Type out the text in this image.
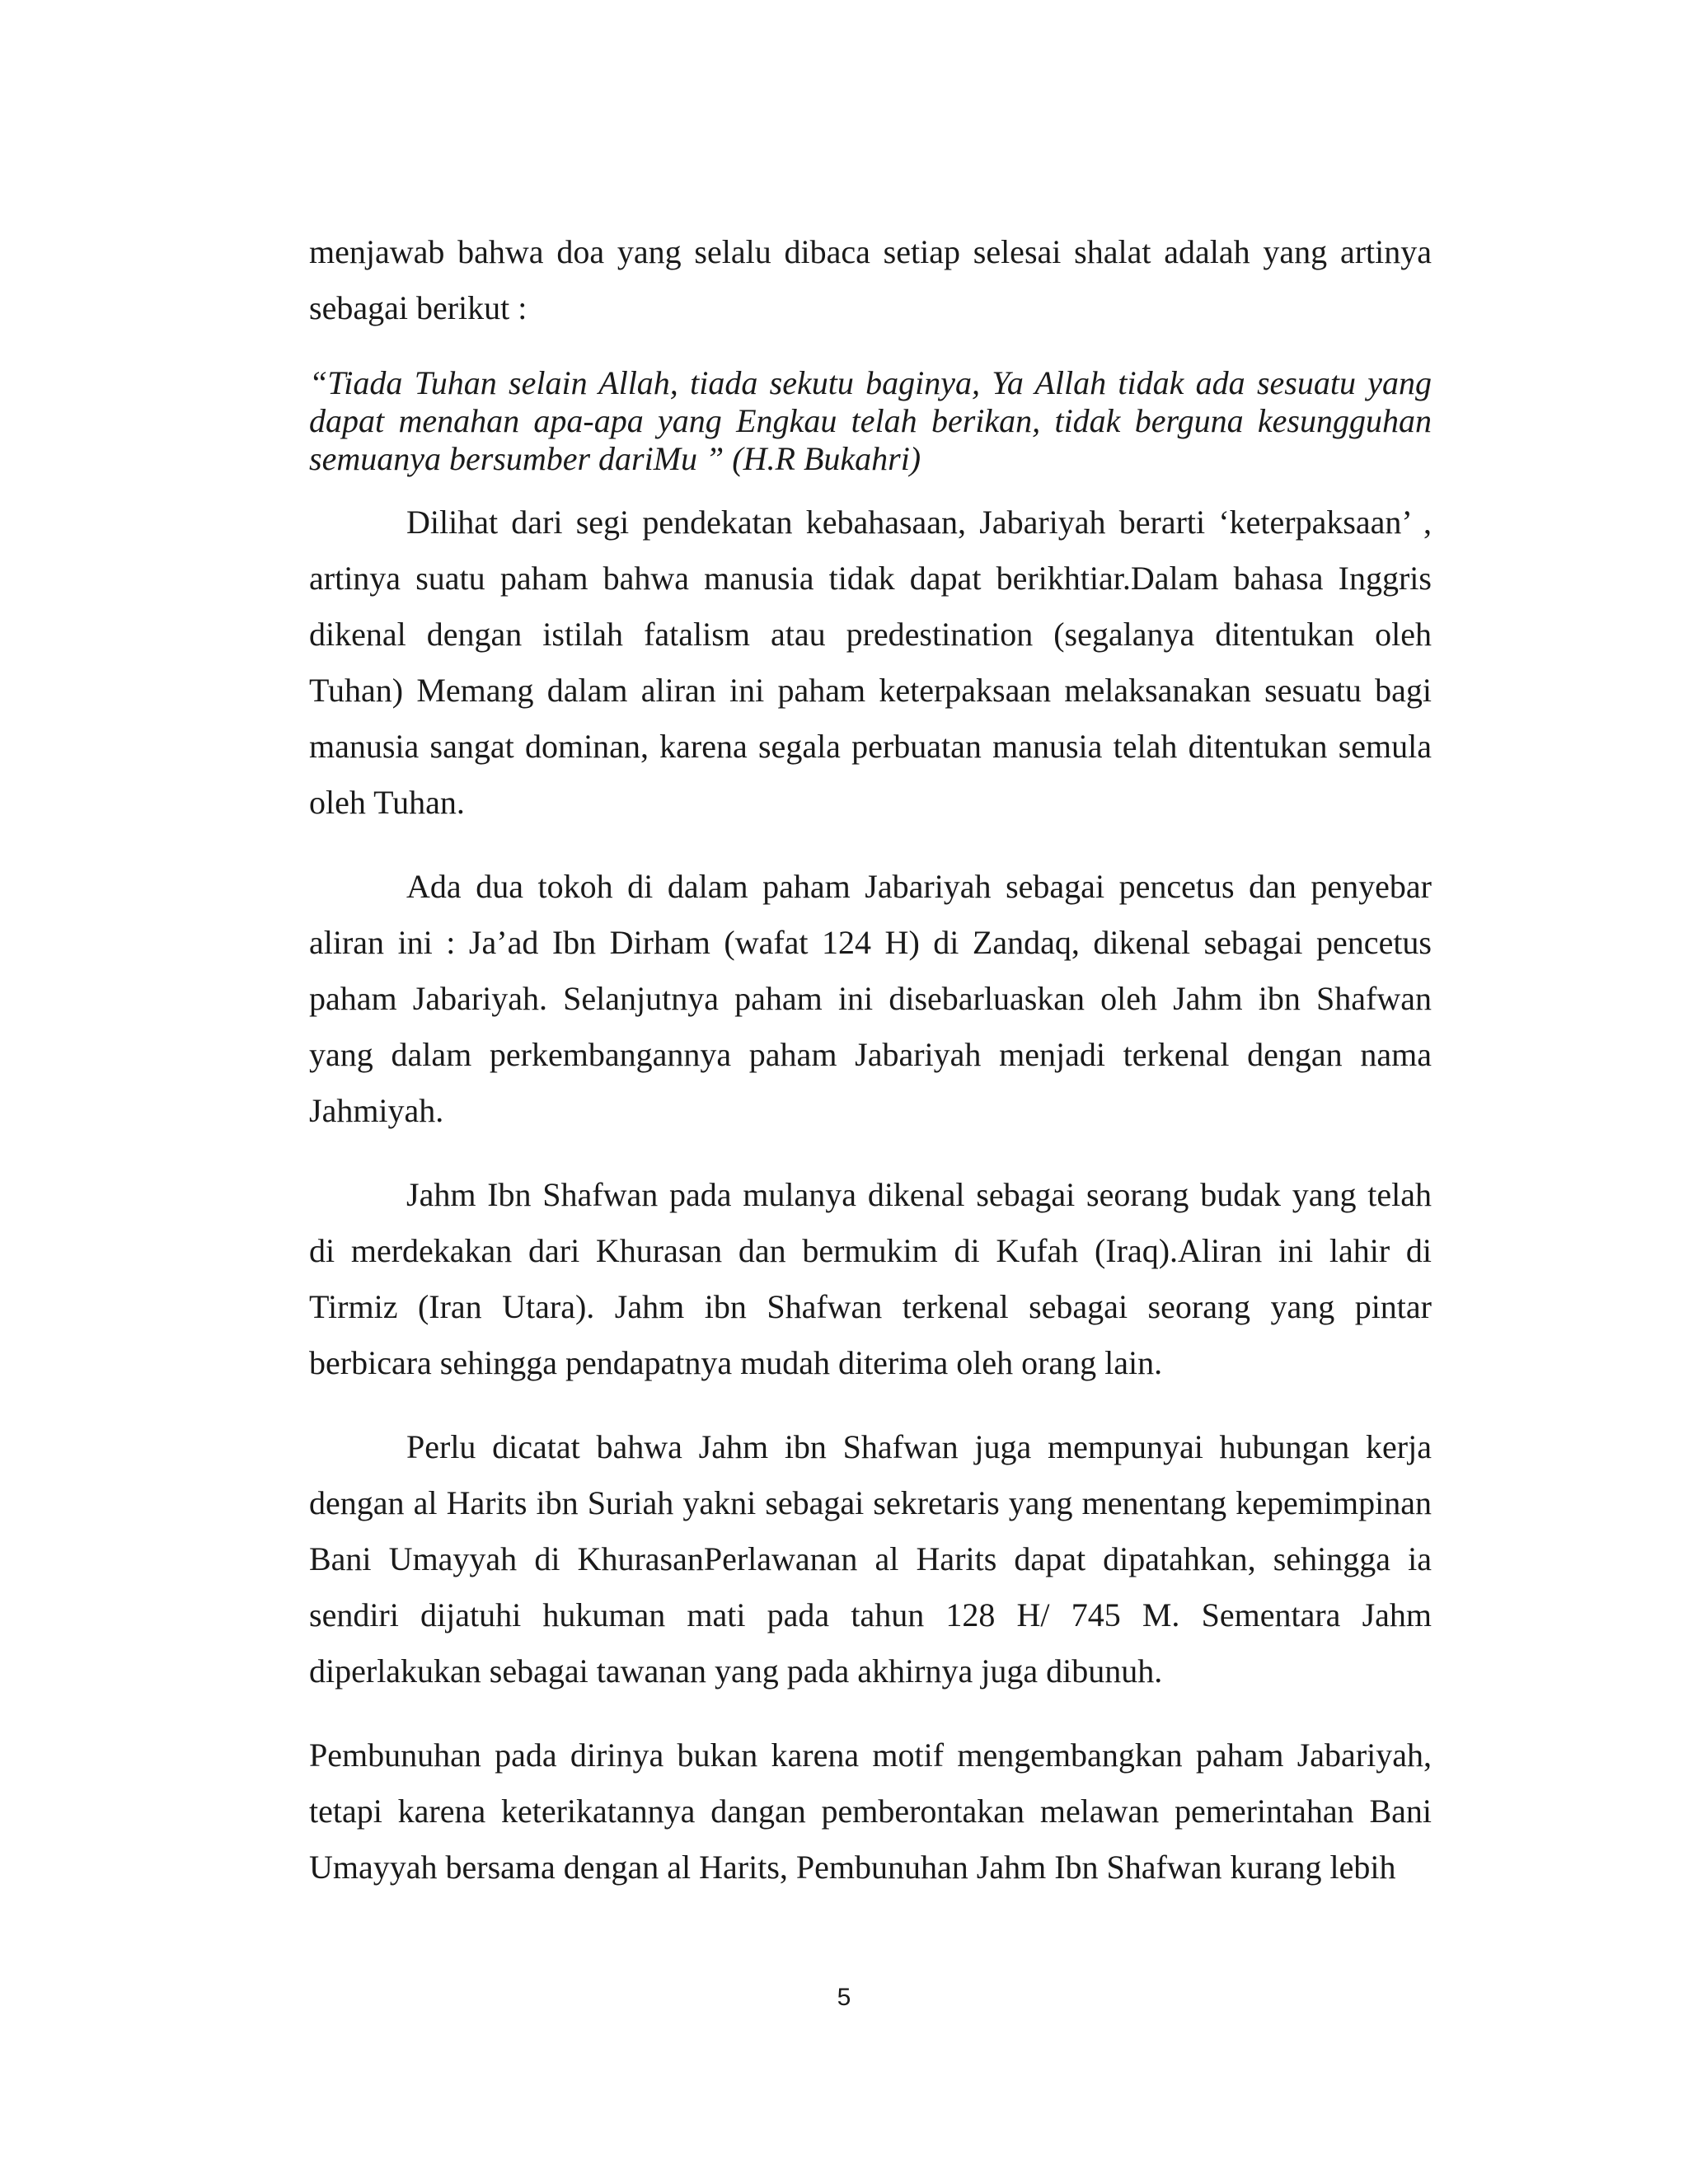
menjawab bahwa doa yang selalu dibaca setiap selesai shalat adalah yang artinya sebagai berikut :

“Tiada Tuhan selain Allah, tiada sekutu baginya, Ya Allah tidak ada sesuatu yang dapat menahan apa-apa yang Engkau telah berikan, tidak berguna kesungguhan semuanya bersumber dariMu ” (H.R Bukahri)

Dilihat dari segi pendekatan kebahasaan, Jabariyah berarti ‘keterpaksaan’ , artinya suatu paham bahwa manusia tidak dapat berikhtiar.Dalam bahasa Inggris dikenal dengan istilah fatalism atau predestination (segalanya ditentukan oleh Tuhan) Memang dalam aliran ini paham keterpaksaan melaksanakan sesuatu bagi manusia sangat dominan, karena segala perbuatan manusia telah ditentukan semula oleh Tuhan.

Ada dua tokoh di dalam paham Jabariyah sebagai pencetus dan penyebar aliran ini : Ja’ad Ibn Dirham (wafat 124 H) di Zandaq, dikenal sebagai pencetus paham Jabariyah. Selanjutnya paham ini disebarluaskan oleh Jahm ibn Shafwan yang dalam perkembangannya paham Jabariyah menjadi terkenal dengan nama Jahmiyah.

Jahm Ibn Shafwan pada mulanya dikenal sebagai seorang budak yang telah di merdekakan dari Khurasan dan bermukim di Kufah (Iraq).Aliran ini lahir di Tirmiz (Iran Utara). Jahm ibn Shafwan terkenal sebagai seorang yang pintar berbicara sehingga pendapatnya mudah diterima oleh orang lain.

Perlu dicatat bahwa Jahm ibn Shafwan juga mempunyai hubungan kerja dengan al Harits ibn Suriah yakni sebagai sekretaris yang menentang kepemimpinan Bani Umayyah di KhurasanPerlawanan al Harits dapat dipatahkan, sehingga ia sendiri dijatuhi hukuman mati pada tahun 128 H/ 745 M. Sementara Jahm diperlakukan sebagai tawanan yang pada akhirnya juga dibunuh.

Pembunuhan pada dirinya bukan karena motif mengembangkan paham Jabariyah, tetapi karena keterikatannya dangan pemberontakan melawan pemerintahan Bani Umayyah bersama dengan al Harits, Pembunuhan Jahm Ibn Shafwan kurang lebih

5
